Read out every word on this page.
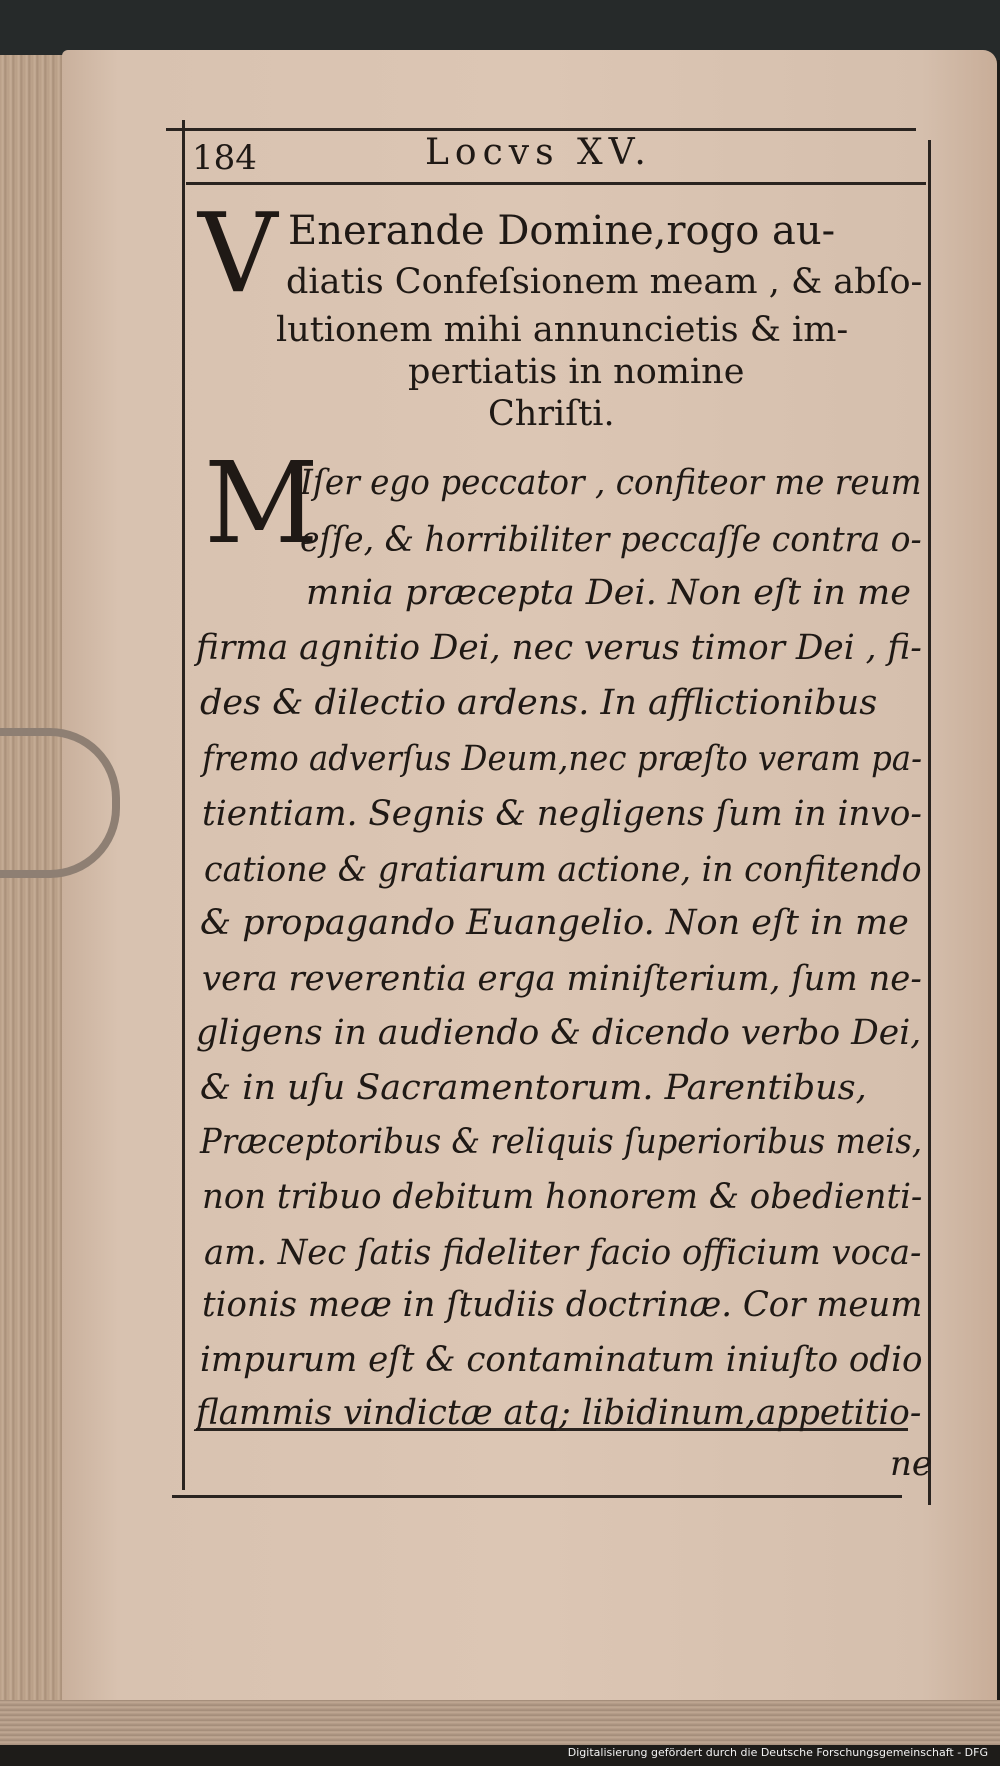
184	Locvs XV.
V Enerande Domine,rogo au-
diatis Confeſsionem meam , & abſo-
lutionem mihi annuncietis & im-
pertiatis in nomine
Chriſti.
M
Iſer ego peccator , confiteor me reum
eſſe, & horribiliter peccaſſe contra o-
mnia præcepta Dei. Non eſt in me
firma agnitio Dei, nec verus timor Dei , fi-
des & dilectio ardens. In afflictionibus
fremo adverſus Deum,nec præſto veram pa-
tientiam. Segnis & negligens ſum in invo-
catione & gratiarum actione, in confitendo
& propagando Euangelio. Non eſt in me
vera reverentia erga miniſterium, ſum ne-
gligens in audiendo & dicendo verbo Dei,
& in uſu Sacramentorum. Parentibus,
Præceptoribus & reliquis ſuperioribus meis,
non tribuo debitum honorem & obedienti-
am. Nec ſatis fideliter facio officium voca-
tionis meæ in ſtudiis doctrinæ. Cor meum
impurum eſt & contaminatum iniuſto odio
flammis vindictæ atq; libidinum,appetitio-
ne
Digitalisierung gefördert durch die Deutsche Forschungsgemeinschaft - DFG
